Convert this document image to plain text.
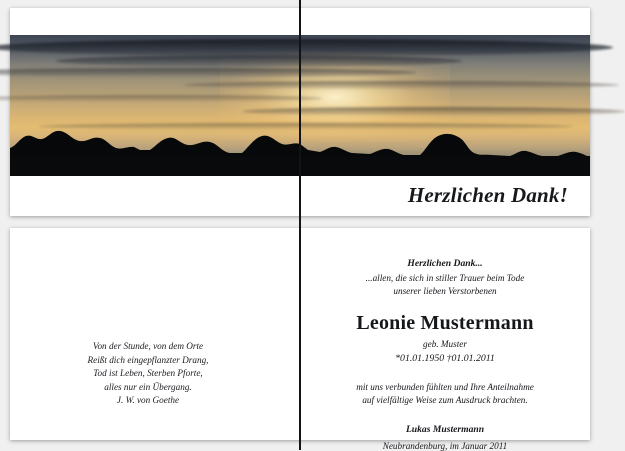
Herzlichen Dank!
Von der Stunde, von dem Orte
Reißt dich eingepflanzter Drang,
Tod ist Leben, Sterben Pforte,
alles nur ein Übergang.
J. W. von Goethe
Herzlichen Dank...
...allen, die sich in stiller Trauer beim Tode
unserer lieben Verstorbenen
Leonie Mustermann
geb. Muster
*01.01.1950 †01.01.2011
mit uns verbunden fühlten und Ihre Anteilnahme
auf vielfältige Weise zum Ausdruck brachten.
Lukas Mustermann
Neubrandenburg, im Januar 2011
